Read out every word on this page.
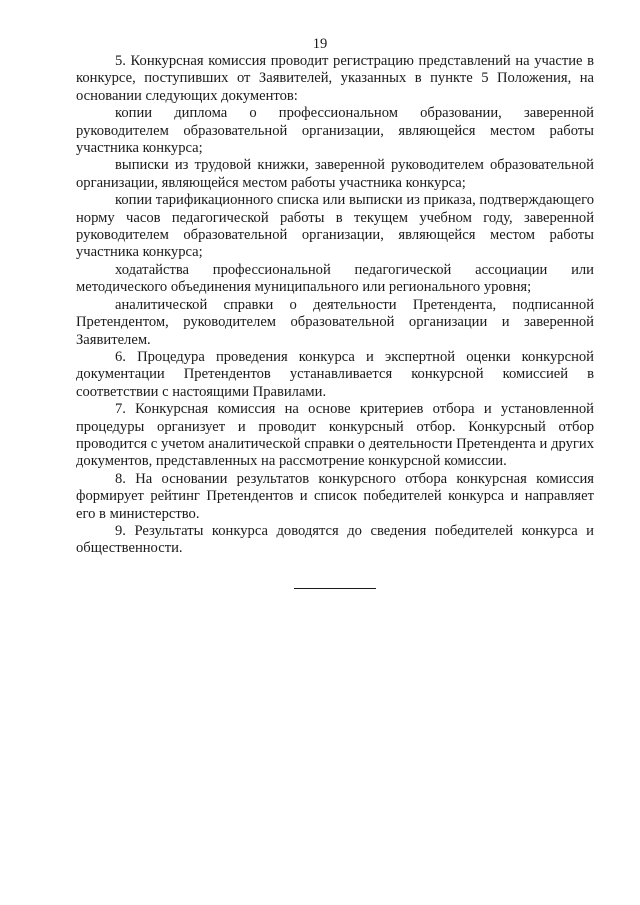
19

5. Конкурсная комиссия проводит регистрацию представлений на участие в конкурсе, поступивших от Заявителей, указанных в пункте 5 Положения, на основании следующих документов:

копии диплома о профессиональном образовании, заверенной руководителем образовательной организации, являющейся местом работы участника конкурса;

выписки из трудовой книжки, заверенной руководителем образовательной организации, являющейся местом работы участника конкурса;

копии тарификационного списка или выписки из приказа, подтверждающего норму часов педагогической работы в текущем учебном году, заверенной руководителем образовательной организации, являющейся местом работы участника конкурса;

ходатайства профессиональной педагогической ассоциации или методического объединения муниципального или регионального уровня;

аналитической справки о деятельности Претендента, подписанной Претендентом, руководителем образовательной организации и заверенной Заявителем.

6. Процедура проведения конкурса и экспертной оценки конкурсной документации Претендентов устанавливается конкурсной комиссией в соответствии с настоящими Правилами.

7. Конкурсная комиссия на основе критериев отбора и установленной процедуры организует и проводит конкурсный отбор. Конкурсный отбор проводится с учетом аналитической справки о деятельности Претендента и других документов, представленных на рассмотрение конкурсной комиссии.

8. На основании результатов конкурсного отбора конкурсная комиссия формирует рейтинг Претендентов и список победителей конкурса и направляет его в министерство.

9. Результаты конкурса доводятся до сведения победителей конкурса и общественности.
